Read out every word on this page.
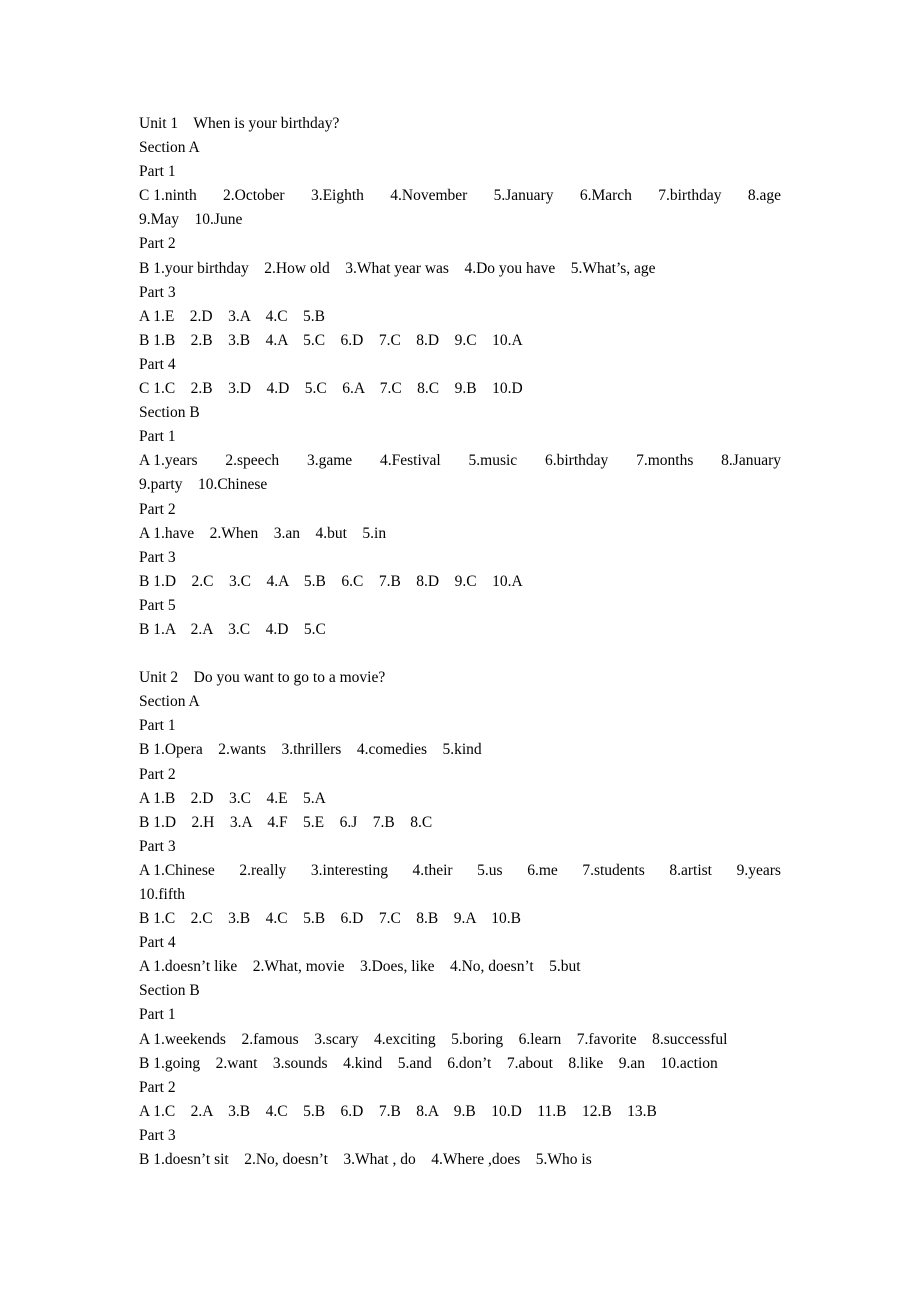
Unit 1    When is your birthday?
Section A
Part 1
C 1.ninth 2.October 3.Eighth 4.November 5.January 6.March 7.birthday 8.age
9.May    10.June
Part 2
B 1.your birthday    2.How old    3.What year was    4.Do you have    5.What’s, age
Part 3
A 1.E    2.D    3.A    4.C    5.B
B 1.B    2.B    3.B    4.A    5.C    6.D    7.C    8.D    9.C    10.A
Part 4
C 1.C    2.B    3.D    4.D    5.C    6.A    7.C    8.C    9.B    10.D
Section B
Part 1
A 1.years 2.speech 3.game 4.Festival 5.music 6.birthday 7.months 8.January
9.party    10.Chinese
Part 2
A 1.have    2.When    3.an    4.but    5.in
Part 3
B 1.D    2.C    3.C    4.A    5.B    6.C    7.B    8.D    9.C    10.A
Part 5
B 1.A    2.A    3.C    4.D    5.C
Unit 2    Do you want to go to a movie?
Section A
Part 1
B 1.Opera    2.wants    3.thrillers    4.comedies    5.kind
Part 2
A 1.B    2.D    3.C    4.E    5.A
B 1.D    2.H    3.A    4.F    5.E    6.J    7.B    8.C
Part 3
A 1.Chinese 2.really 3.interesting 4.their 5.us 6.me 7.students 8.artist 9.years
10.fifth
B 1.C    2.C    3.B    4.C    5.B    6.D    7.C    8.B    9.A    10.B
Part 4
A 1.doesn’t like    2.What, movie    3.Does, like    4.No, doesn’t    5.but
Section B
Part 1
A 1.weekends    2.famous    3.scary    4.exciting    5.boring    6.learn    7.favorite    8.successful
B 1.going    2.want    3.sounds    4.kind    5.and    6.don’t    7.about    8.like    9.an    10.action
Part 2
A 1.C    2.A    3.B    4.C    5.B    6.D    7.B    8.A    9.B    10.D    11.B    12.B    13.B
Part 3
B 1.doesn’t sit    2.No, doesn’t    3.What , do    4.Where ,does    5.Who is
